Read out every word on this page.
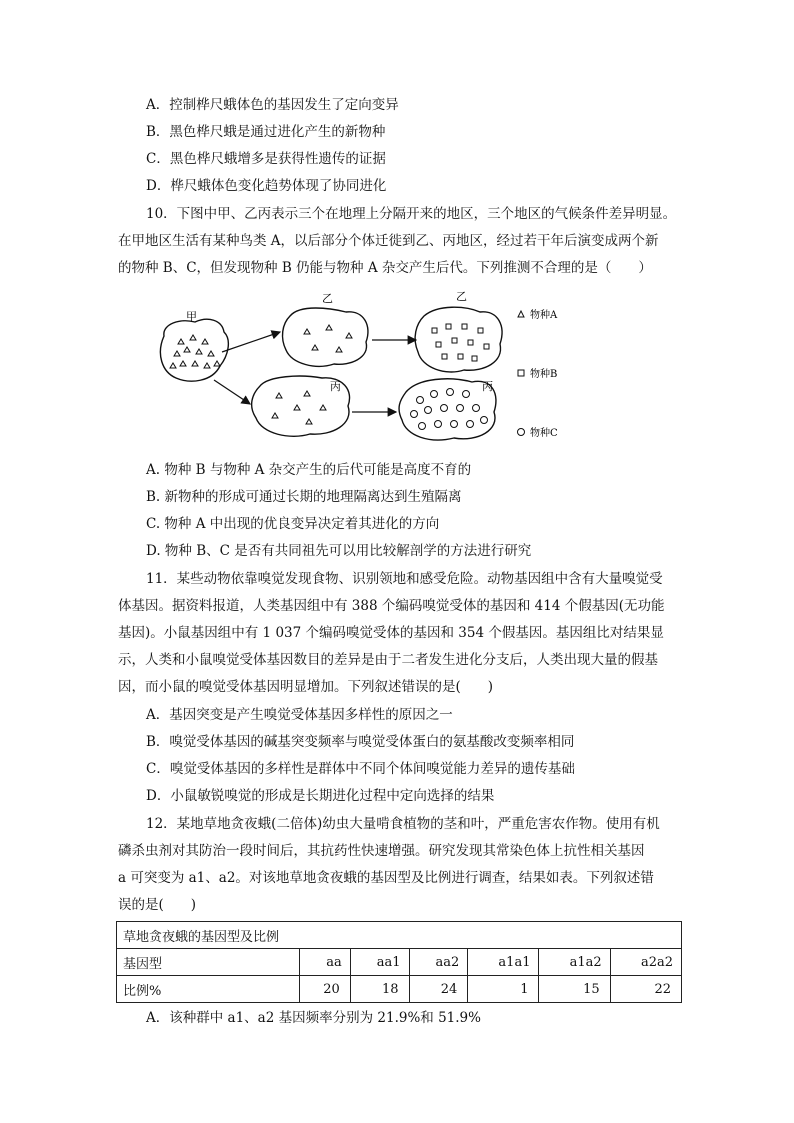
A．控制桦尺蛾体色的基因发生了定向变异
B．黑色桦尺蛾是通过进化产生的新物种
C．黑色桦尺蛾增多是获得性遗传的证据
D．桦尺蛾体色变化趋势体现了协同进化
10．下图中甲、乙丙表示三个在地理上分隔开来的地区，三个地区的气候条件差异明显。
在甲地区生活有某种鸟类 A，以后部分个体迁徙到乙、丙地区，经过若干年后演变成两个新
的物种 B、C，但发现物种 B 仍能与物种 A 杂交产生后代。下列推测不合理的是（　　）
甲
乙	乙
丙	丙
物种A
物种B
物种C
A. 物种 B 与物种 A 杂交产生的后代可能是高度不育的
B. 新物种的形成可通过长期的地理隔离达到生殖隔离
C. 物种 A 中出现的优良变异决定着其进化的方向
D. 物种 B、C 是否有共同祖先可以用比较解剖学的方法进行研究
11．某些动物依靠嗅觉发现食物、识别领地和感受危险。动物基因组中含有大量嗅觉受
体基因。据资料报道，人类基因组中有 388 个编码嗅觉受体的基因和 414 个假基因(无功能
基因)。小鼠基因组中有 1 037 个编码嗅觉受体的基因和 354 个假基因。基因组比对结果显
示，人类和小鼠嗅觉受体基因数目的差异是由于二者发生进化分支后，人类出现大量的假基
因，而小鼠的嗅觉受体基因明显增加。下列叙述错误的是(　　)
A．基因突变是产生嗅觉受体基因多样性的原因之一
B．嗅觉受体基因的碱基突变频率与嗅觉受体蛋白的氨基酸改变频率相同
C．嗅觉受体基因的多样性是群体中不同个体间嗅觉能力差异的遗传基础
D．小鼠敏锐嗅觉的形成是长期进化过程中定向选择的结果
12．某地草地贪夜蛾(二倍体)幼虫大量啃食植物的茎和叶，严重危害农作物。使用有机
磷杀虫剂对其防治一段时间后，其抗药性快速增强。研究发现其常染色体上抗性相关基因
a 可突变为 a1、a2。对该地草地贪夜蛾的基因型及比例进行调查，结果如表。下列叙述错
误的是(　　)
草地贪夜蛾的基因型及比例						
基因型	aa	aa1	aa2	a1a1	a1a2	a2a2
比例%	20	18	24	1	15	22
A．该种群中 a1、a2 基因频率分别为 21.9%和 51.9%
